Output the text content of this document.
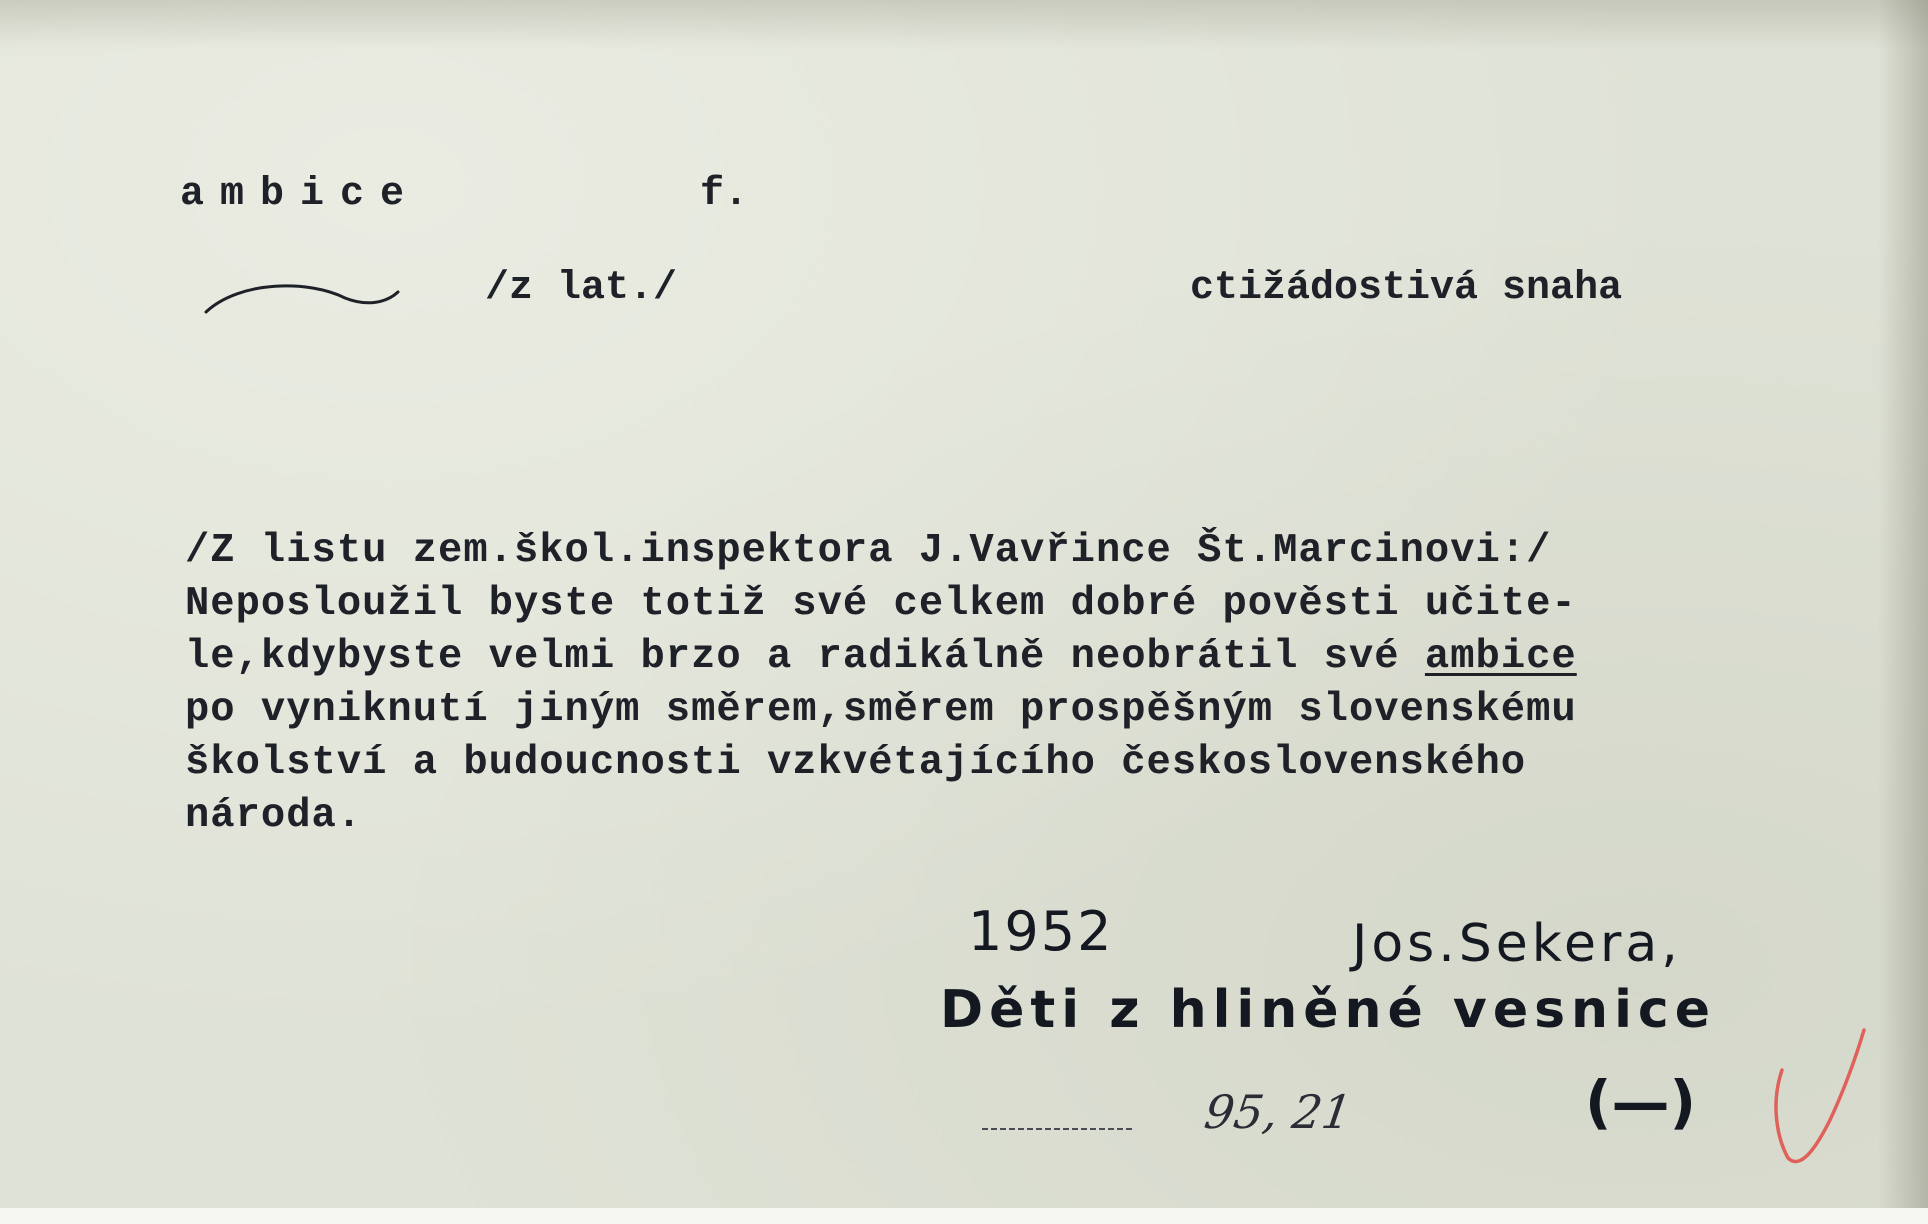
ambice	f.
/z lat./	ctižádostivá snaha
/Z listu zem.škol.inspektora J.Vavřince Št.Marcinovi:/
Neposloužil byste totiž své celkem dobré pověsti učite-
le,kdybyste velmi brzo a radikálně neobrátil své ambice
po vyniknutí jiným směrem,směrem prospěšným slovenskému
školství a budoucnosti vzkvétajícího československého
národa.
1952	Jos.Sekera,
Děti z hliněné vesnice
95, 21	(—)
